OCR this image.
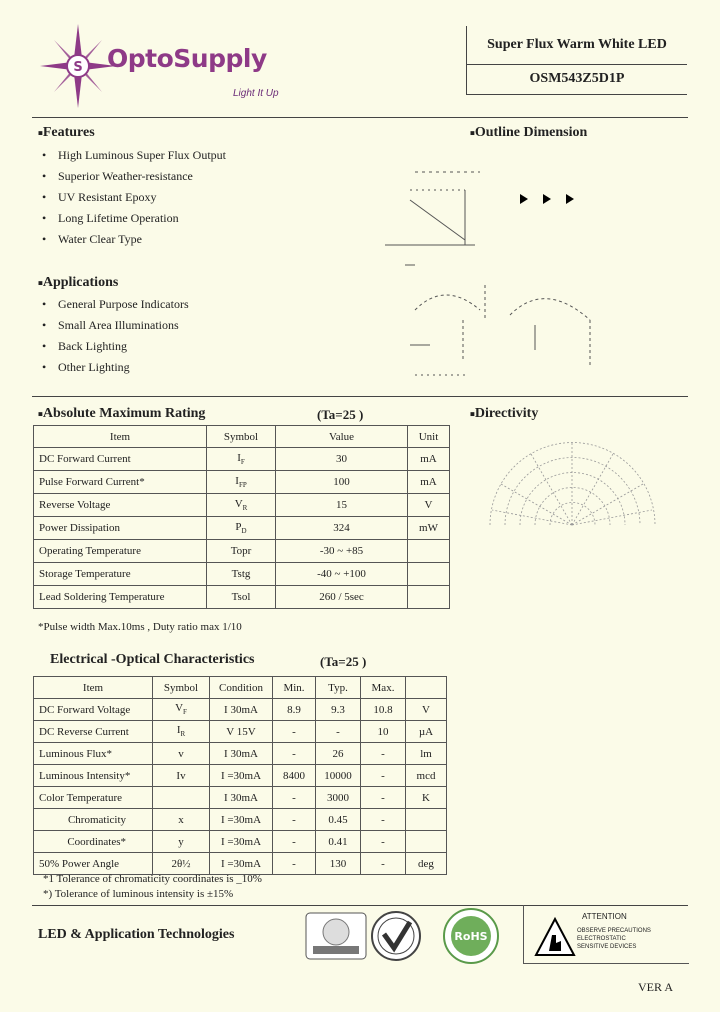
S OptoSupply
Light It Up
Super Flux Warm White LED
OSM543Z5D1P
■Features
• High Luminous Super Flux Output
• Superior Weather-resistance
• UV Resistant Epoxy
• Long Lifetime Operation
• Water Clear Type
■Applications
• General Purpose Indicators
• Small Area Illuminations
• Back Lighting
• Other Lighting
■Outline Dimension
■Directivity
■Absolute Maximum Rating	(Ta=25 )
Item	Symbol	Value	Unit
DC Forward Current	$I_F$	30	mA
Pulse Forward Current*	$I_{FP}$	100	mA
Reverse Voltage	$V_R$	15	V
Power Dissipation	$P_D$	324	mW
Operating Temperature	Topr	-30 ~ +85	
Storage Temperature	Tstg	-40 ~ +100	
Lead Soldering Temperature	Tsol	260 / 5sec	
*Pulse width Max.10ms , Duty ratio max 1/10
Electrical -Optical Characteristics	(Ta=25 )
Item	Symbol	Condition	Min.	Typ.	Max.	
DC Forward Voltage	$V_F$	I 30mA	8.9	9.3	10.8	V
DC Reverse Current	$I_R$	V 15V	-	-	10	µA
Luminous Flux*	v	I 30mA	-	26	-	lm
Luminous Intensity*	Iv	I =30mA	8400	10000	-	mcd
Color Temperature		I 30mA	-	3000	-	K
Chromaticity	x	I =30mA	-	0.45	-	
Coordinates*	y	I =30mA	-	0.41	-	
50% Power Angle	2θ½	I =30mA	-	130	-	deg
*1 Tolerance of chromaticity coordinates is _10%
*) Tolerance of luminous intensity is ±15%
LED & Application Technologies	RoHS
ATTENTION
OBSERVE PRECAUTIONS
ELECTROSTATIC
SENSITIVE DEVICES
VER A
